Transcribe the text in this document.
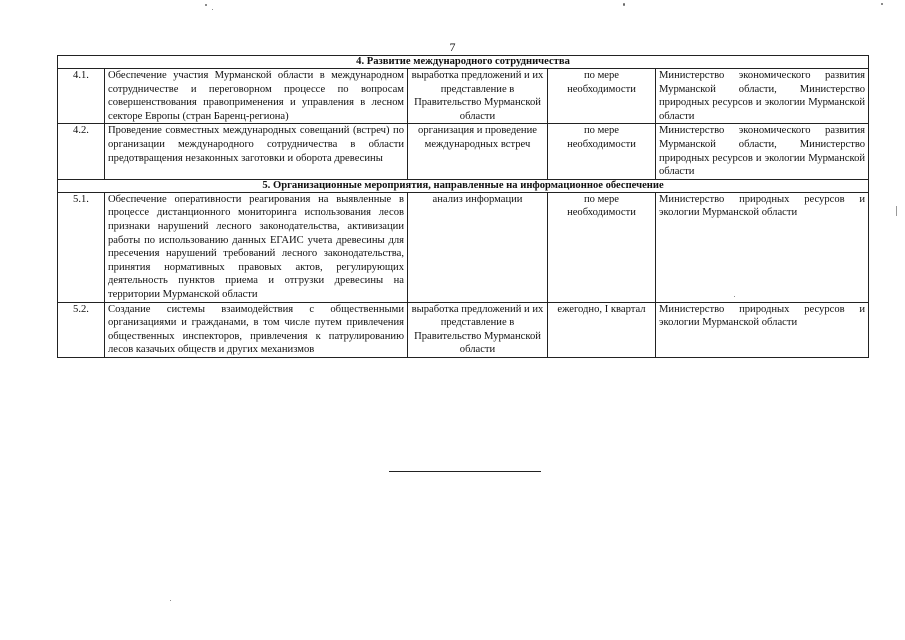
7
4. Развитие международного сотрудничества				
4.1.	Обеспечение участия Мурманской области в международном сотрудничестве и переговорном процессе по вопросам совершенствования правоприменения и управления в лесном секторе Европы (стран Баренц-региона)	выработка предложений и их представление в Правительство Мурманской области	по мере необходимости	Министерство экономического развития Мурманской области, Министерство природных ресурсов и экологии Мурманской области
4.2.	Проведение совместных международных совещаний (встреч) по организации международного сотрудничества в области предотвращения незаконных заготовки и оборота древесины	организация и проведение международных встреч	по мере необходимости	Министерство экономического развития Мурманской области, Министерство природных ресурсов и экологии Мурманской области
5. Организационные мероприятия, направленные на информационное обеспечение				
5.1.	Обеспечение оперативности реагирования на выявленные в процессе дистанционного мониторинга использования лесов признаки нарушений лесного законодательства, активизации работы по использованию данных ЕГАИС учета древесины для пресечения нарушений требований лесного законодательства, принятия нормативных правовых актов, регулирующих деятельность пунктов приема и отгрузки древесины на территории Мурманской области	анализ информации	по мере необходимости	Министерство природных ресурсов и экологии Мурманской области
5.2.	Создание системы взаимодействия с общественными организациями и гражданами, в том числе путем привлечения общественных инспекторов, привлечения к патрулированию лесов казачьих обществ и других механизмов	выработка предложений и их представление в Правительство Мурманской области	ежегодно, I квартал	Министерство природных ресурсов и экологии Мурманской области
